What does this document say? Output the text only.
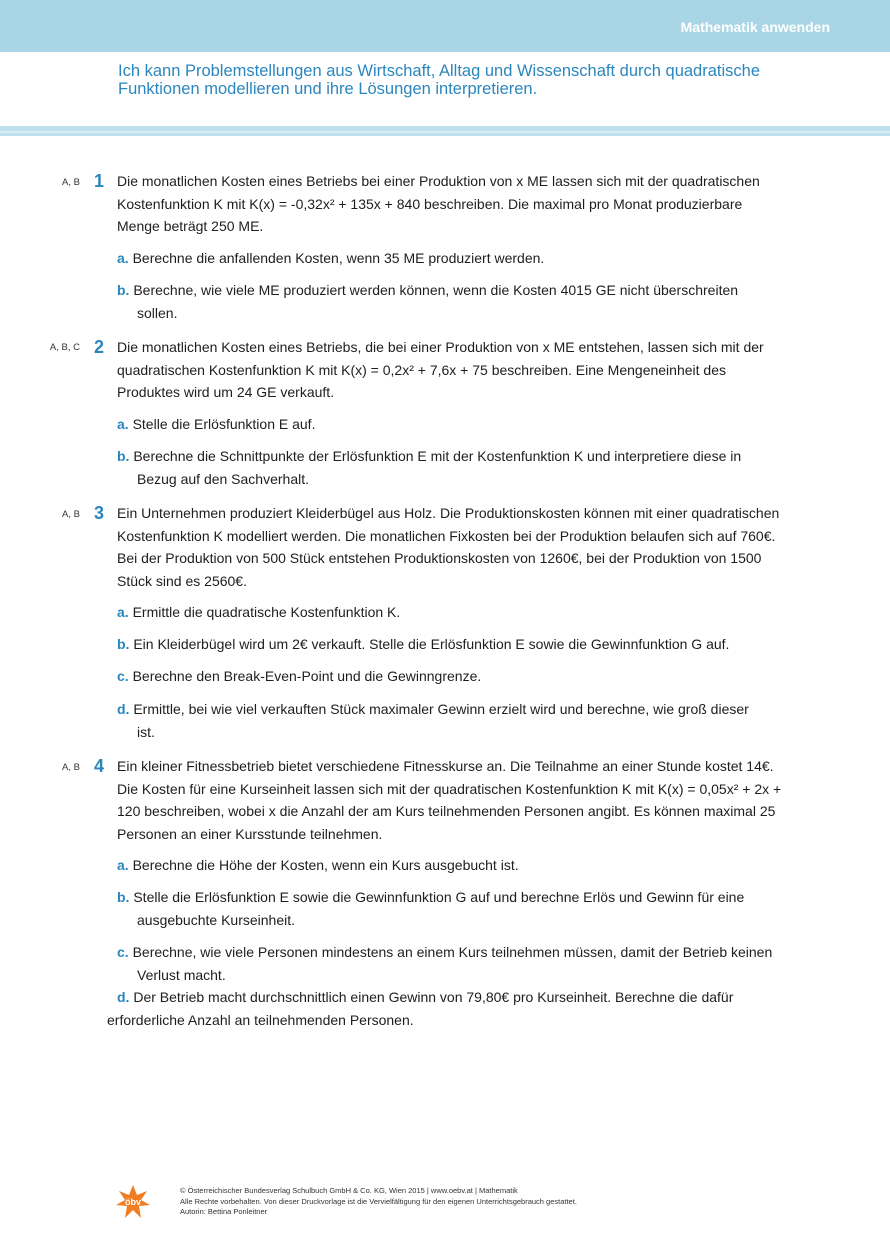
Mathematik anwenden
Ich kann Problemstellungen aus Wirtschaft, Alltag und Wissenschaft durch quadratische Funktionen modellieren und ihre Lösungen interpretieren.
A, B 1 Die monatlichen Kosten eines Betriebs bei einer Produktion von x ME lassen sich mit der quadratischen Kostenfunktion K mit K(x) = -0,32x² + 135x + 840 beschreiben. Die maximal pro Monat produzierbare Menge beträgt 250 ME.
a. Berechne die anfallenden Kosten, wenn 35 ME produziert werden.
b. Berechne, wie viele ME produziert werden können, wenn die Kosten 4015 GE nicht überschreiten
sollen.
A, B, C 2 Die monatlichen Kosten eines Betriebs, die bei einer Produktion von x ME entstehen, lassen sich mit der quadratischen Kostenfunktion K mit K(x) = 0,2x² + 7,6x + 75 beschreiben. Eine Mengeneinheit des Produktes wird um 24 GE verkauft.
a. Stelle die Erlösfunktion E auf.
b. Berechne die Schnittpunkte der Erlösfunktion E mit der Kostenfunktion K und interpretiere diese in
Bezug auf den Sachverhalt.
A, B 3 Ein Unternehmen produziert Kleiderbügel aus Holz. Die Produktionskosten können mit einer quadratischen Kostenfunktion K modelliert werden. Die monatlichen Fixkosten bei der Produktion belaufen sich auf 760€. Bei der Produktion von 500 Stück entstehen Produktionskosten von 1260€, bei der Produktion von 1500 Stück sind es 2560€.
a. Ermittle die quadratische Kostenfunktion K.
b. Ein Kleiderbügel wird um 2€ verkauft. Stelle die Erlösfunktion E sowie die Gewinnfunktion G auf.
c. Berechne den Break-Even-Point und die Gewinngrenze.
d. Ermittle, bei wie viel verkauften Stück maximaler Gewinn erzielt wird und berechne, wie groß dieser
ist.
A, B 4 Ein kleiner Fitnessbetrieb bietet verschiedene Fitnesskurse an. Die Teilnahme an einer Stunde kostet 14€. Die Kosten für eine Kurseinheit lassen sich mit der quadratischen Kostenfunktion K mit K(x) = 0,05x² + 2x + 120 beschreiben, wobei x die Anzahl der am Kurs teilnehmenden Personen angibt. Es können maximal 25 Personen an einer Kursstunde teilnehmen.
a. Berechne die Höhe der Kosten, wenn ein Kurs ausgebucht ist.
b. Stelle die Erlösfunktion E sowie die Gewinnfunktion G auf und berechne Erlös und Gewinn für eine
ausgebuchte Kurseinheit.
c. Berechne, wie viele Personen mindestens an einem Kurs teilnehmen müssen, damit der Betrieb keinen
Verlust macht.
d. Der Betrieb macht durchschnittlich einen Gewinn von 79,80€ pro Kurseinheit. Berechne die dafür
erforderliche Anzahl an teilnehmenden Personen.
öbv
© Österreichischer Bundesverlag Schulbuch GmbH & Co. KG, Wien 2015 | www.oebv.at | Mathematik
Alle Rechte vorbehalten. Von dieser Druckvorlage ist die Vervielfältigung für den eigenen Unterrichtsgebrauch gestattet.
Autorin: Bettina Ponleitner
